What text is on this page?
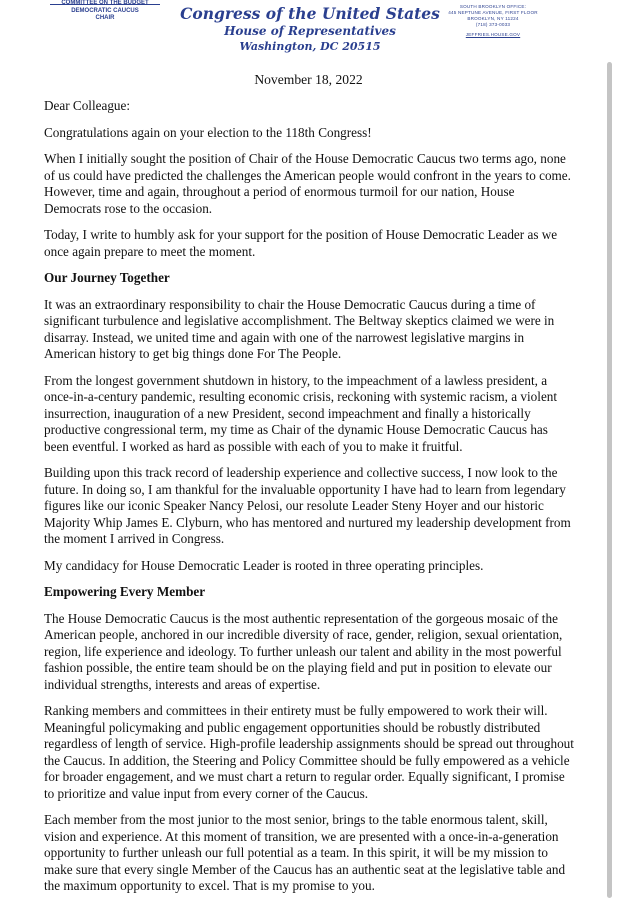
COMMITTEE ON THE BUDGET
DEMOCRATIC CAUCUS
CHAIR	Congress of the United States
House of Representatives
Washington, DC 20515
SOUTH BROOKLYN OFFICE:
445 NEPTUNE AVENUE, FIRST FLOOR
BROOKLYN, NY 11224
(718) 373-0033
JEFFRIES.HOUSE.GOV
November 18, 2022

Dear Colleague:

Congratulations again on your election to the 118th Congress!

When I initially sought the position of Chair of the House Democratic Caucus two terms ago, none of us could have predicted the challenges the American people would confront in the years to come. However, time and again, throughout a period of enormous turmoil for our nation, House Democrats rose to the occasion.

Today, I write to humbly ask for your support for the position of House Democratic Leader as we once again prepare to meet the moment.

Our Journey Together

It was an extraordinary responsibility to chair the House Democratic Caucus during a time of significant turbulence and legislative accomplishment. The Beltway skeptics claimed we were in disarray. Instead, we united time and again with one of the narrowest legislative margins in American history to get big things done For The People.

From the longest government shutdown in history, to the impeachment of a lawless president, a once-in-a-century pandemic, resulting economic crisis, reckoning with systemic racism, a violent insurrection, inauguration of a new President, second impeachment and finally a historically productive congressional term, my time as Chair of the dynamic House Democratic Caucus has been eventful. I worked as hard as possible with each of you to make it fruitful.

Building upon this track record of leadership experience and collective success, I now look to the future. In doing so, I am thankful for the invaluable opportunity I have had to learn from legendary figures like our iconic Speaker Nancy Pelosi, our resolute Leader Steny Hoyer and our historic Majority Whip James E. Clyburn, who has mentored and nurtured my leadership development from the moment I arrived in Congress.

My candidacy for House Democratic Leader is rooted in three operating principles.

Empowering Every Member

The House Democratic Caucus is the most authentic representation of the gorgeous mosaic of the American people, anchored in our incredible diversity of race, gender, religion, sexual orientation, region, life experience and ideology. To further unleash our talent and ability in the most powerful fashion possible, the entire team should be on the playing field and put in position to elevate our individual strengths, interests and areas of expertise.

Ranking members and committees in their entirety must be fully empowered to work their will. Meaningful policymaking and public engagement opportunities should be robustly distributed regardless of length of service. High-profile leadership assignments should be spread out throughout the Caucus. In addition, the Steering and Policy Committee should be fully empowered as a vehicle for broader engagement, and we must chart a return to regular order. Equally significant, I promise to prioritize and value input from every corner of the Caucus.

Each member from the most junior to the most senior, brings to the table enormous talent, skill, vision and experience. At this moment of transition, we are presented with a once-in-a-generation opportunity to further unleash our full potential as a team. In this spirit, it will be my mission to make sure that every single Member of the Caucus has an authentic seat at the legislative table and the maximum opportunity to excel. That is my promise to you.
